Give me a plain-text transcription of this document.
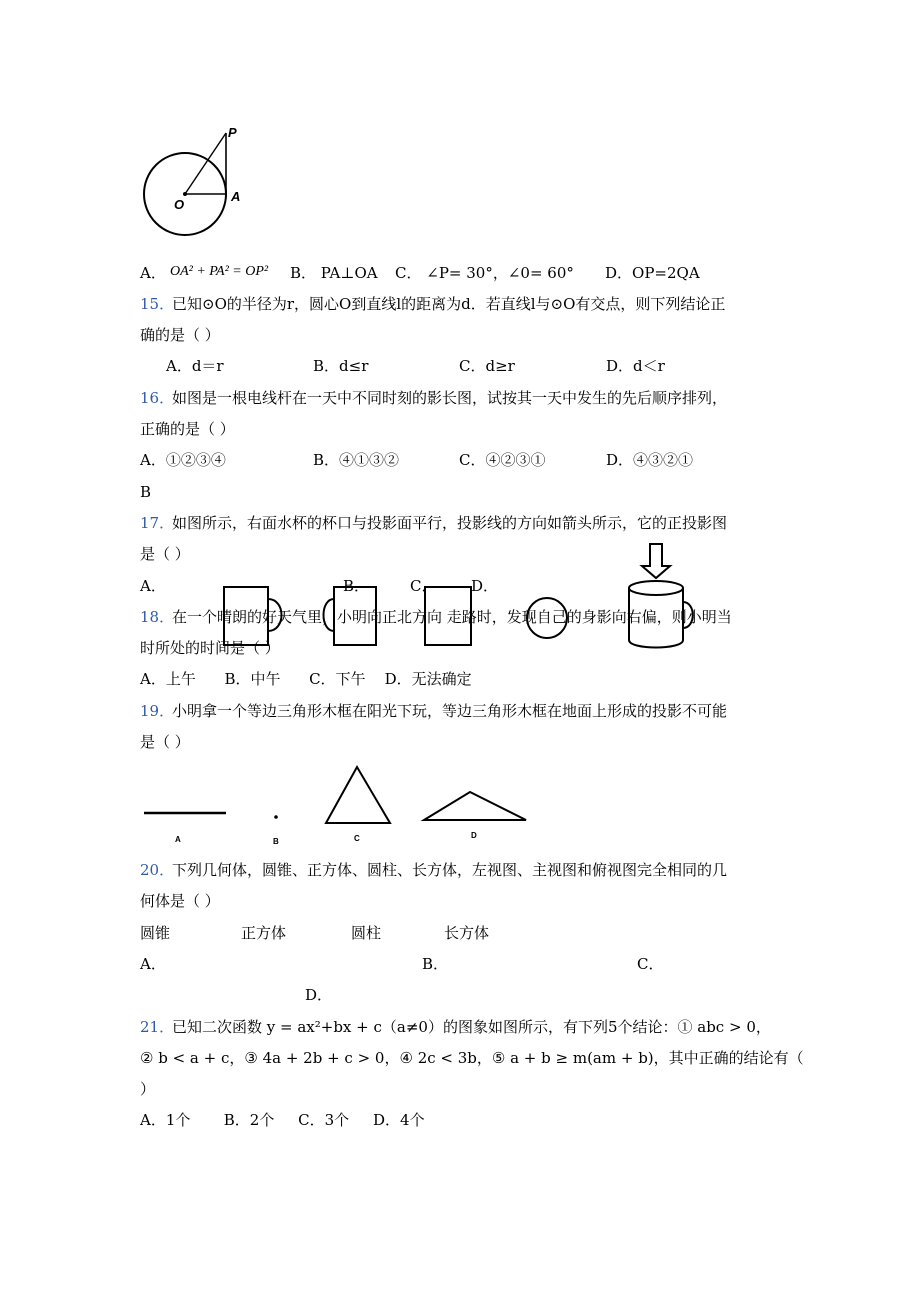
P
A
O
A． OA² + PA² = OP² B． PA⊥OA C． ∠P= 30°，∠0= 60° D．OP=2QA
15．
已知⊙O的半径为r，圆心O到直线l的距离为d．若直线l与⊙O有交点，则下列结论正
确的是（ ）
A．d＝r	B．d≤r	C．d≥r	D．d＜r
16．
如图是一根电线杆在一天中不同时刻的影长图，试按其一天中发生的先后顺序排列，
正确的是（ ）
A．①②③④	B．④①③②	C．④②③①	D．④③②①
B
17．
如图所示，右面水杯的杯口与投影面平行，投影线的方向如箭头所示，它的正投影图
是（ ）
A．	B．	C． D．
18．
在一个晴朗的好天气里，小明向正北方向 走路时，发现自己的身影向右偏，则小明当
时所处的时间是（ ）
A．上午      B．中午      C．下午    D．无法确定
19．
小明拿一个等边三角形木框在阳光下玩，等边三角形木框在地面上形成的投影不可能
是（ ）
A	B	C	D
20．
下列几何体，圆锥、正方体、圆柱、长方体，左视图、主视图和俯视图完全相同的几
何体是（ ）
圆锥	正方体	圆柱	长方体
A．	B．	C．
D．
21．
已知二次函数 y = ax²+bx + c（a≠0）的图象如图所示，有下列5个结论：① abc > 0，
② b < a + c，③ 4a + 2b + c > 0，④ 2c < 3b，⑤ a + b ≥ m(am + b)，其中正确的结论有（
）
A．1个       B．2个     C．3个     D．4个
